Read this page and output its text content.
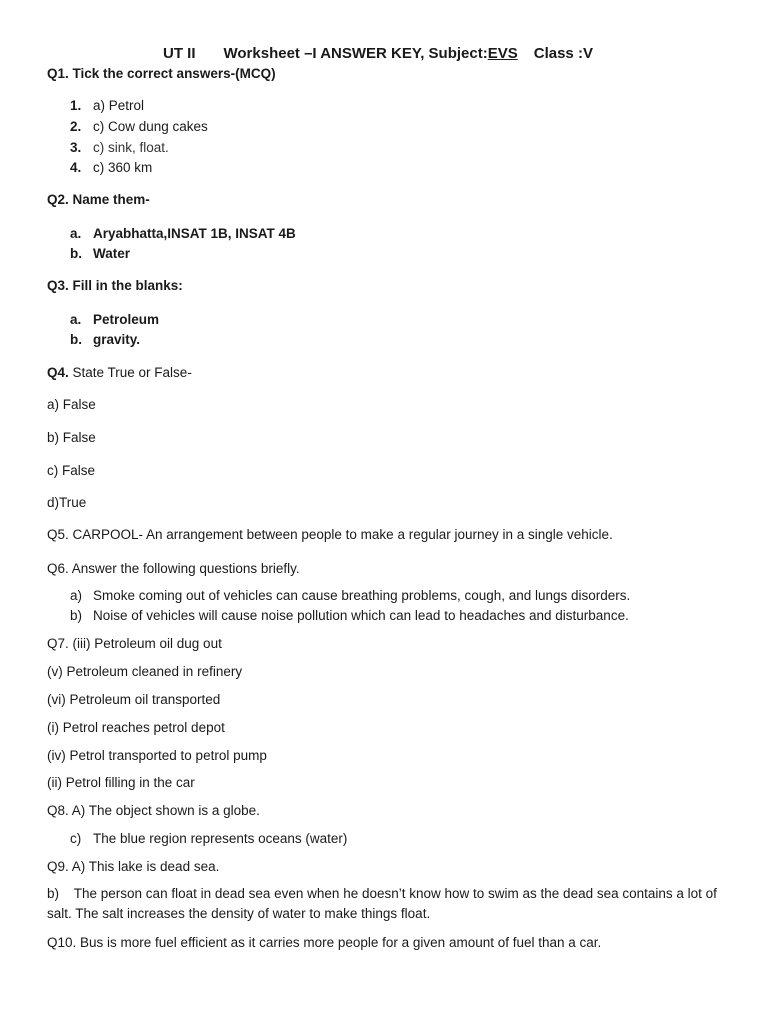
UT II Worksheet –I ANSWER KEY, Subject:EVS Class :V
Q1. Tick the correct answers-(MCQ)
1. a) Petrol
2. c) Cow dung cakes
3. c) sink, float.
4. c) 360 km
Q2. Name them-
a. Aryabhatta,INSAT 1B, INSAT 4B
b. Water
Q3. Fill in the blanks:
a. Petroleum
b. gravity.
Q4. State True or False-
a) False
b) False
c) False
d)True
Q5. CARPOOL- An arrangement between people to make a regular journey in a single vehicle.
Q6. Answer the following questions briefly.
a) Smoke coming out of vehicles can cause breathing problems, cough, and lungs disorders.
b) Noise of vehicles will cause noise pollution which can lead to headaches and disturbance.
Q7. (iii) Petroleum oil dug out
(v) Petroleum cleaned in refinery
(vi) Petroleum oil transported
(i) Petrol reaches petrol depot
(iv) Petrol transported to petrol pump
(ii) Petrol filling in the car
Q8. A) The object shown is a globe.
c) The blue region represents oceans (water)
Q9. A) This lake is dead sea.
b)    The person can float in dead sea even when he doesn’t know how to swim as the dead sea contains a lot of salt. The salt increases the density of water to make things float.
Q10. Bus is more fuel efficient as it carries more people for a given amount of fuel than a car.
